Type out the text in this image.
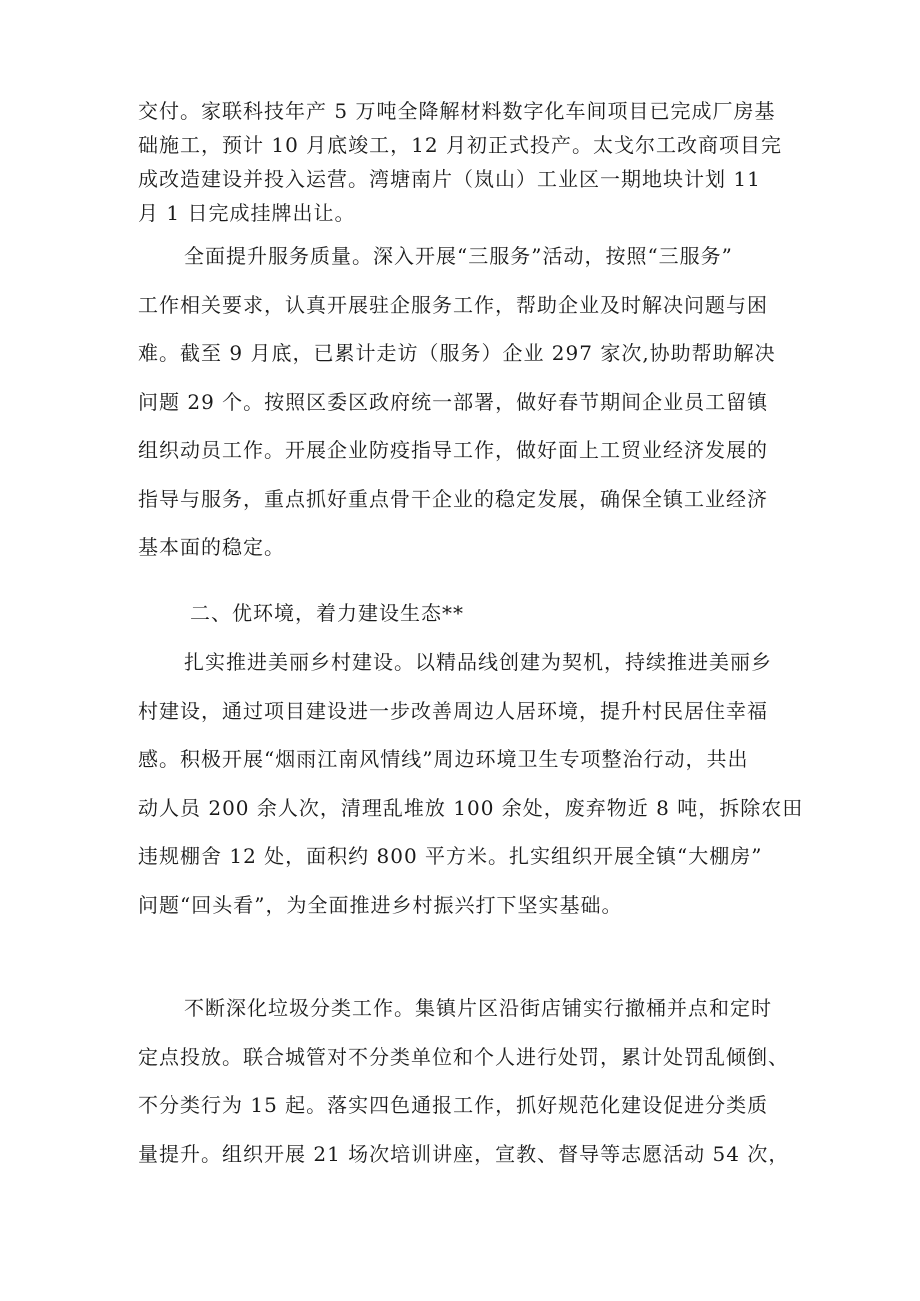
交付。家联科技年产 5 万吨全降解材料数字化车间项目已完成厂房基
础施工，预计 10 月底竣工，12 月初正式投产。太戈尔工改商项目完
成改造建设并投入运营。湾塘南片（岚山）工业区一期地块计划 11
月 1 日完成挂牌出让。
全面提升服务质量。深入开展“三服务”活动，按照“三服务”
工作相关要求，认真开展驻企服务工作，帮助企业及时解决问题与困
难。截至 9 月底，已累计走访（服务）企业 297 家次,协助帮助解决
问题 29 个。按照区委区政府统一部署，做好春节期间企业员工留镇
组织动员工作。开展企业防疫指导工作，做好面上工贸业经济发展的
指导与服务，重点抓好重点骨干企业的稳定发展，确保全镇工业经济
基本面的稳定。
二、优环境，着力建设生态**
扎实推进美丽乡村建设。以精品线创建为契机，持续推进美丽乡
村建设，通过项目建设进一步改善周边人居环境，提升村民居住幸福
感。积极开展“烟雨江南风情线”周边环境卫生专项整治行动，共出
动人员 200 余人次，清理乱堆放 100 余处，废弃物近 8 吨，拆除农田
违规棚舍 12 处，面积约 800 平方米。扎实组织开展全镇“大棚房”
问题“回头看”，为全面推进乡村振兴打下坚实基础。
不断深化垃圾分类工作。集镇片区沿街店铺实行撤桶并点和定时
定点投放。联合城管对不分类单位和个人进行处罚，累计处罚乱倾倒、
不分类行为 15 起。落实四色通报工作，抓好规范化建设促进分类质
量提升。组织开展 21 场次培训讲座，宣教、督导等志愿活动 54 次，
